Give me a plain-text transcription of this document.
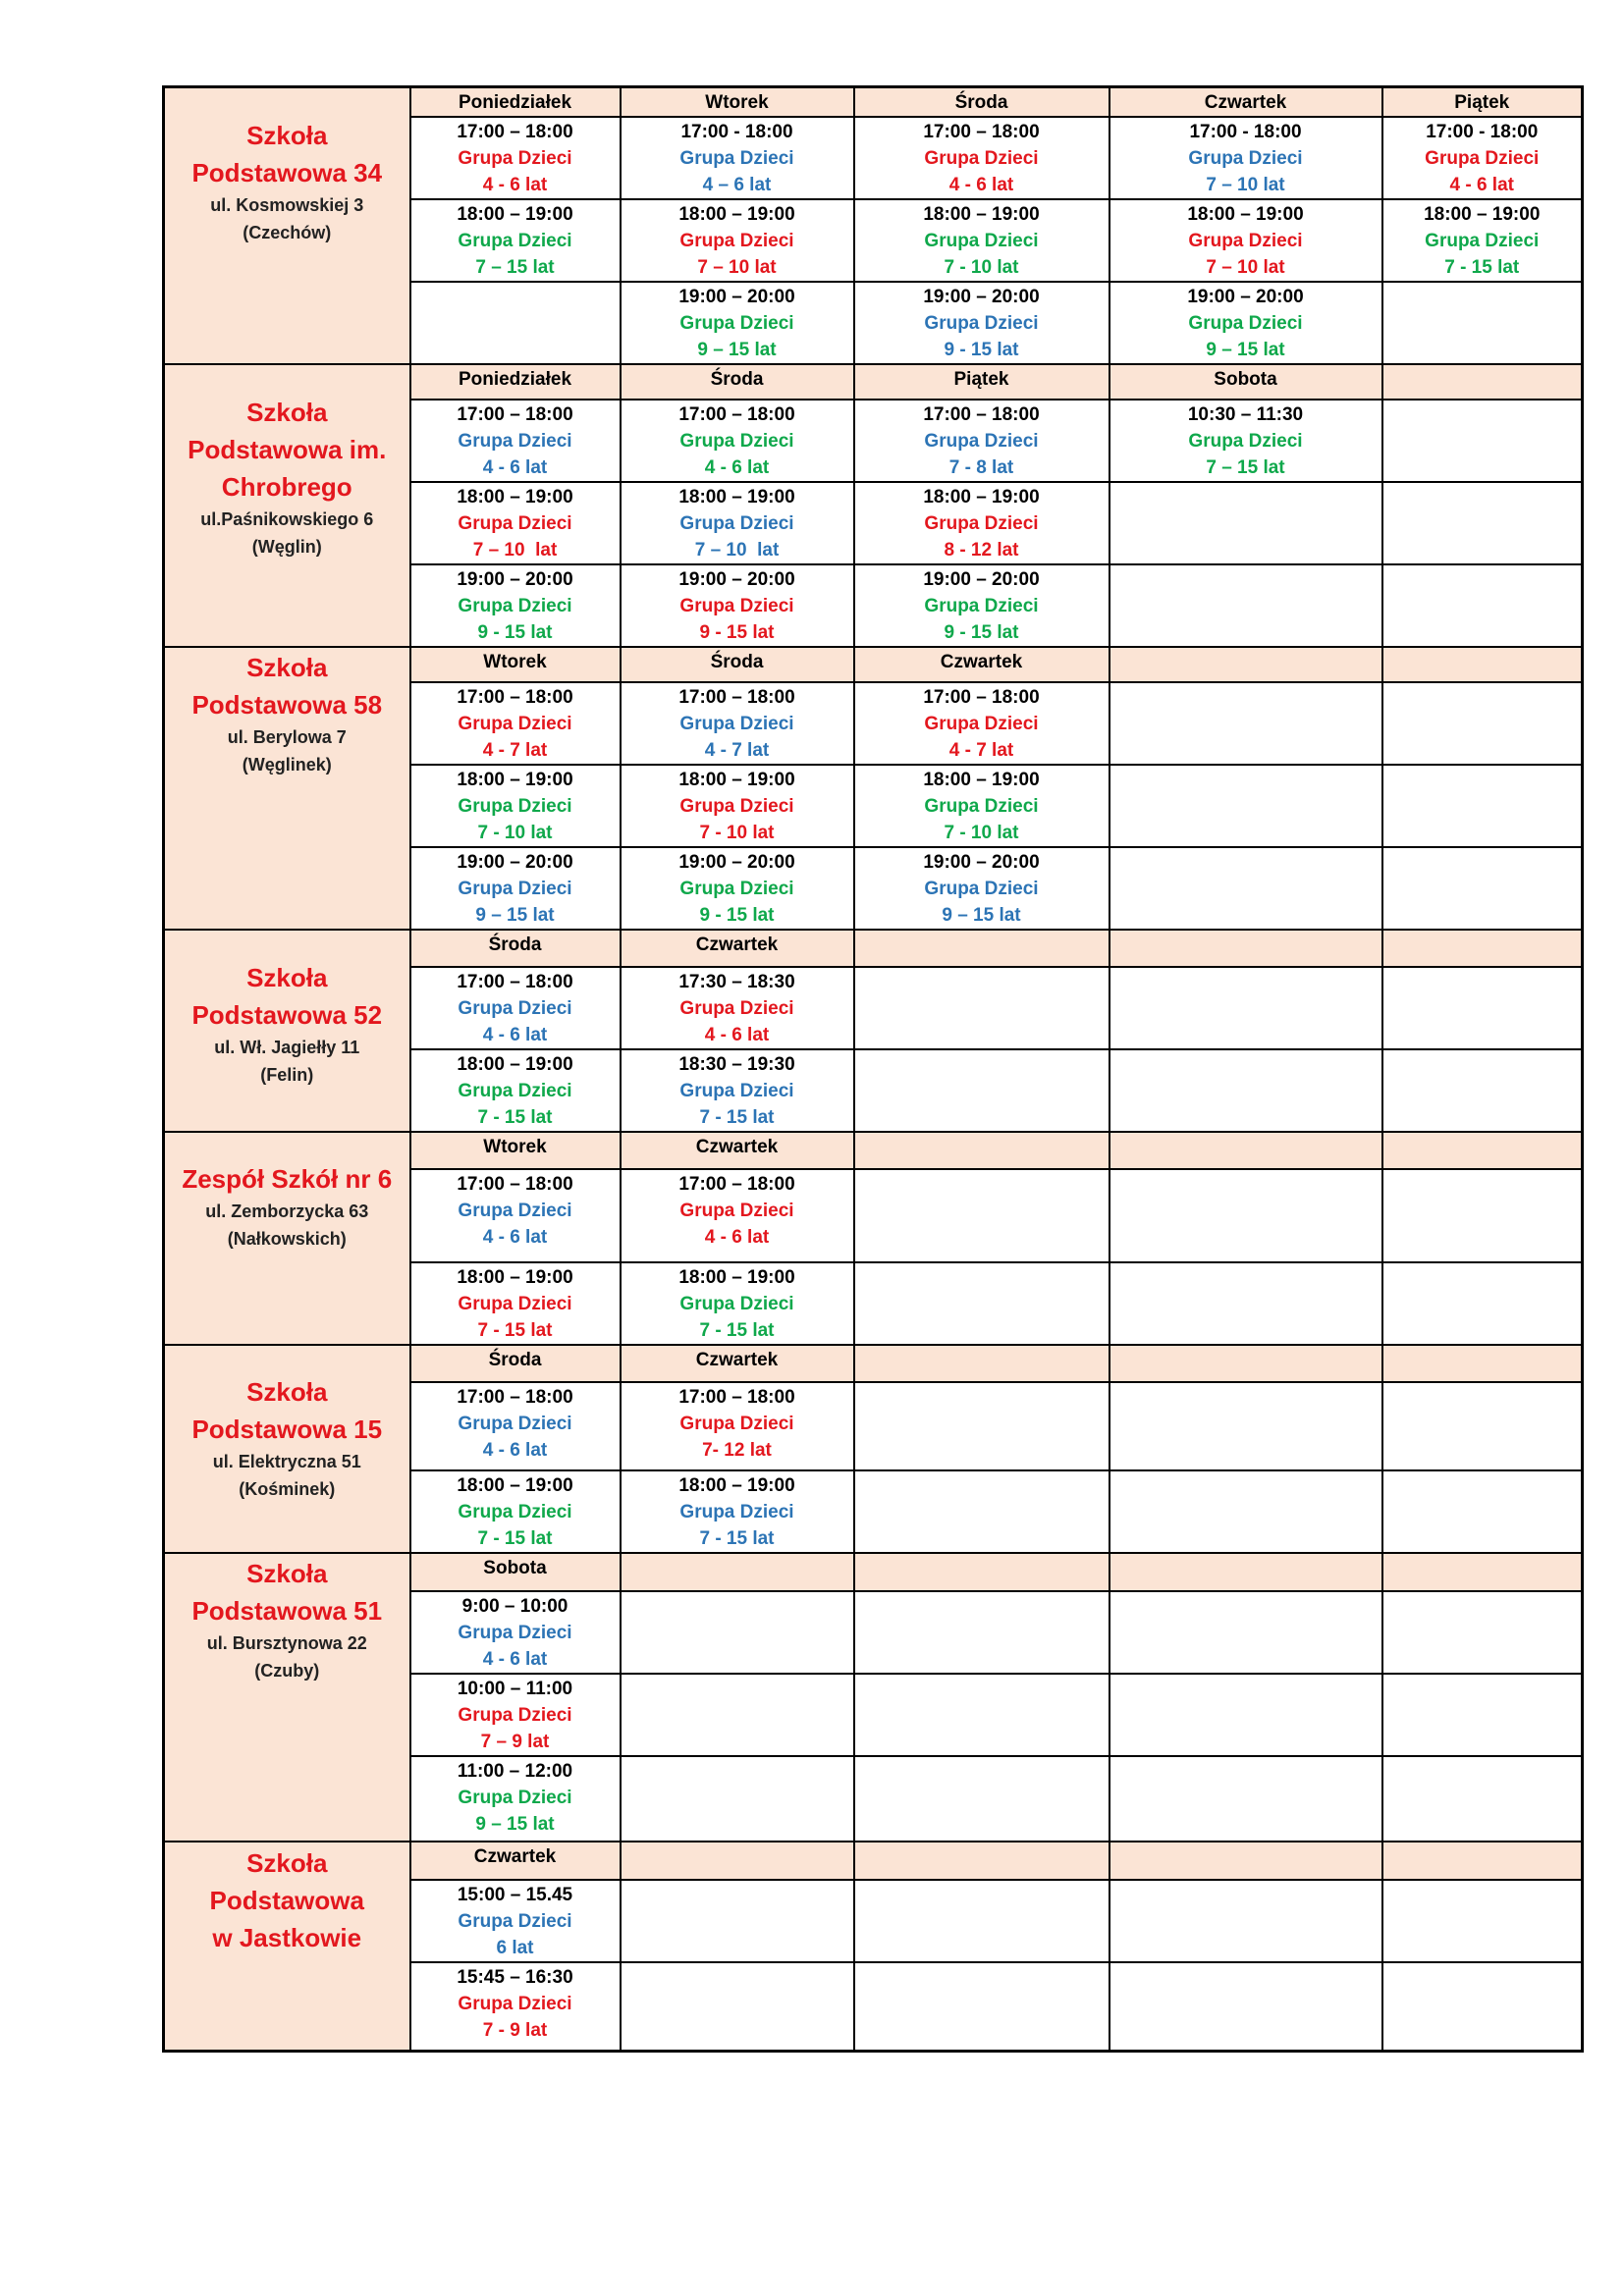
Szkoła
Podstawowa 34
ul. Kosmowskiej 3
(Czechów)	Poniedziałek	Wtorek	Środa	Czwartek	Piątek

	17:00 – 18:00
Grupa Dzieci
4 - 6 lat	17:00 - 18:00
Grupa Dzieci
4 – 6 lat	17:00 – 18:00
Grupa Dzieci
4 - 6 lat	17:00 - 18:00
Grupa Dzieci
7 – 10 lat	17:00 - 18:00
Grupa Dzieci
4 - 6 lat

	18:00 – 19:00
Grupa Dzieci
7 – 15 lat	18:00 – 19:00
Grupa Dzieci
7 – 10 lat	18:00 – 19:00
Grupa Dzieci
7 - 10 lat	18:00 – 19:00
Grupa Dzieci
7 – 10 lat	18:00 – 19:00
Grupa Dzieci
7 - 15 lat

		19:00 – 20:00
Grupa Dzieci
9 – 15 lat	19:00 – 20:00
Grupa Dzieci
9 - 15 lat	19:00 – 20:00
Grupa Dzieci
9 – 15 lat	

Szkoła
Podstawowa im.
Chrobrego
ul.Paśnikowskiego 6
(Węglin)	Poniedziałek	Środa	Piątek	Sobota	

	17:00 – 18:00
Grupa Dzieci
4 - 6 lat	17:00 – 18:00
Grupa Dzieci
4 - 6 lat	17:00 – 18:00
Grupa Dzieci
7 - 8 lat	10:30 – 11:30
Grupa Dzieci
7 – 15 lat	

	18:00 – 19:00
Grupa Dzieci
7 – 10  lat	18:00 – 19:00
Grupa Dzieci
7 – 10  lat	18:00 – 19:00
Grupa Dzieci
8 - 12 lat		

	19:00 – 20:00
Grupa Dzieci
9 - 15 lat	19:00 – 20:00
Grupa Dzieci
9 - 15 lat	19:00 – 20:00
Grupa Dzieci
9 - 15 lat		

Szkoła
Podstawowa 58
ul. Berylowa 7
(Węglinek)	Wtorek	Środa	Czwartek		

	17:00 – 18:00
Grupa Dzieci
4 - 7 lat	17:00 – 18:00
Grupa Dzieci
4 - 7 lat	17:00 – 18:00
Grupa Dzieci
4 - 7 lat		

	18:00 – 19:00
Grupa Dzieci
7 - 10 lat	18:00 – 19:00
Grupa Dzieci
7 - 10 lat	18:00 – 19:00
Grupa Dzieci
7 - 10 lat		

	19:00 – 20:00
Grupa Dzieci
9 – 15 lat	19:00 – 20:00
Grupa Dzieci
9 - 15 lat	19:00 – 20:00
Grupa Dzieci
9 – 15 lat		

Szkoła
Podstawowa 52
ul. Wł. Jagiełły 11
(Felin)	Środa	Czwartek			

	17:00 – 18:00
Grupa Dzieci
4 - 6 lat	17:30 – 18:30
Grupa Dzieci
4 - 6 lat			

	18:00 – 19:00
Grupa Dzieci
7 - 15 lat	18:30 – 19:30
Grupa Dzieci
7 - 15 lat			

Zespół Szkół nr 6
ul. Zemborzycka 63
(Nałkowskich)	Wtorek	Czwartek			

	17:00 – 18:00
Grupa Dzieci
4 - 6 lat	17:00 – 18:00
Grupa Dzieci
4 - 6 lat			

	18:00 – 19:00
Grupa Dzieci
7 - 15 lat	18:00 – 19:00
Grupa Dzieci
7 - 15 lat			

Szkoła
Podstawowa 15
ul. Elektryczna 51
(Kośminek)	Środa	Czwartek			

	17:00 – 18:00
Grupa Dzieci
4 - 6 lat	17:00 – 18:00
Grupa Dzieci
7- 12 lat			

	18:00 – 19:00
Grupa Dzieci
7 - 15 lat	18:00 – 19:00
Grupa Dzieci
7 - 15 lat			

Szkoła
Podstawowa 51
ul. Bursztynowa 22
(Czuby)	Sobota				

	9:00 – 10:00
Grupa Dzieci
4 - 6 lat				

	10:00 – 11:00
Grupa Dzieci
7 – 9 lat				

	11:00 – 12:00
Grupa Dzieci
9 – 15 lat				

Szkoła
Podstawowa
w Jastkowie	Czwartek				

	15:00 – 15.45
Grupa Dzieci
6 lat				

	15:45 – 16:30
Grupa Dzieci
7 - 9 lat				
